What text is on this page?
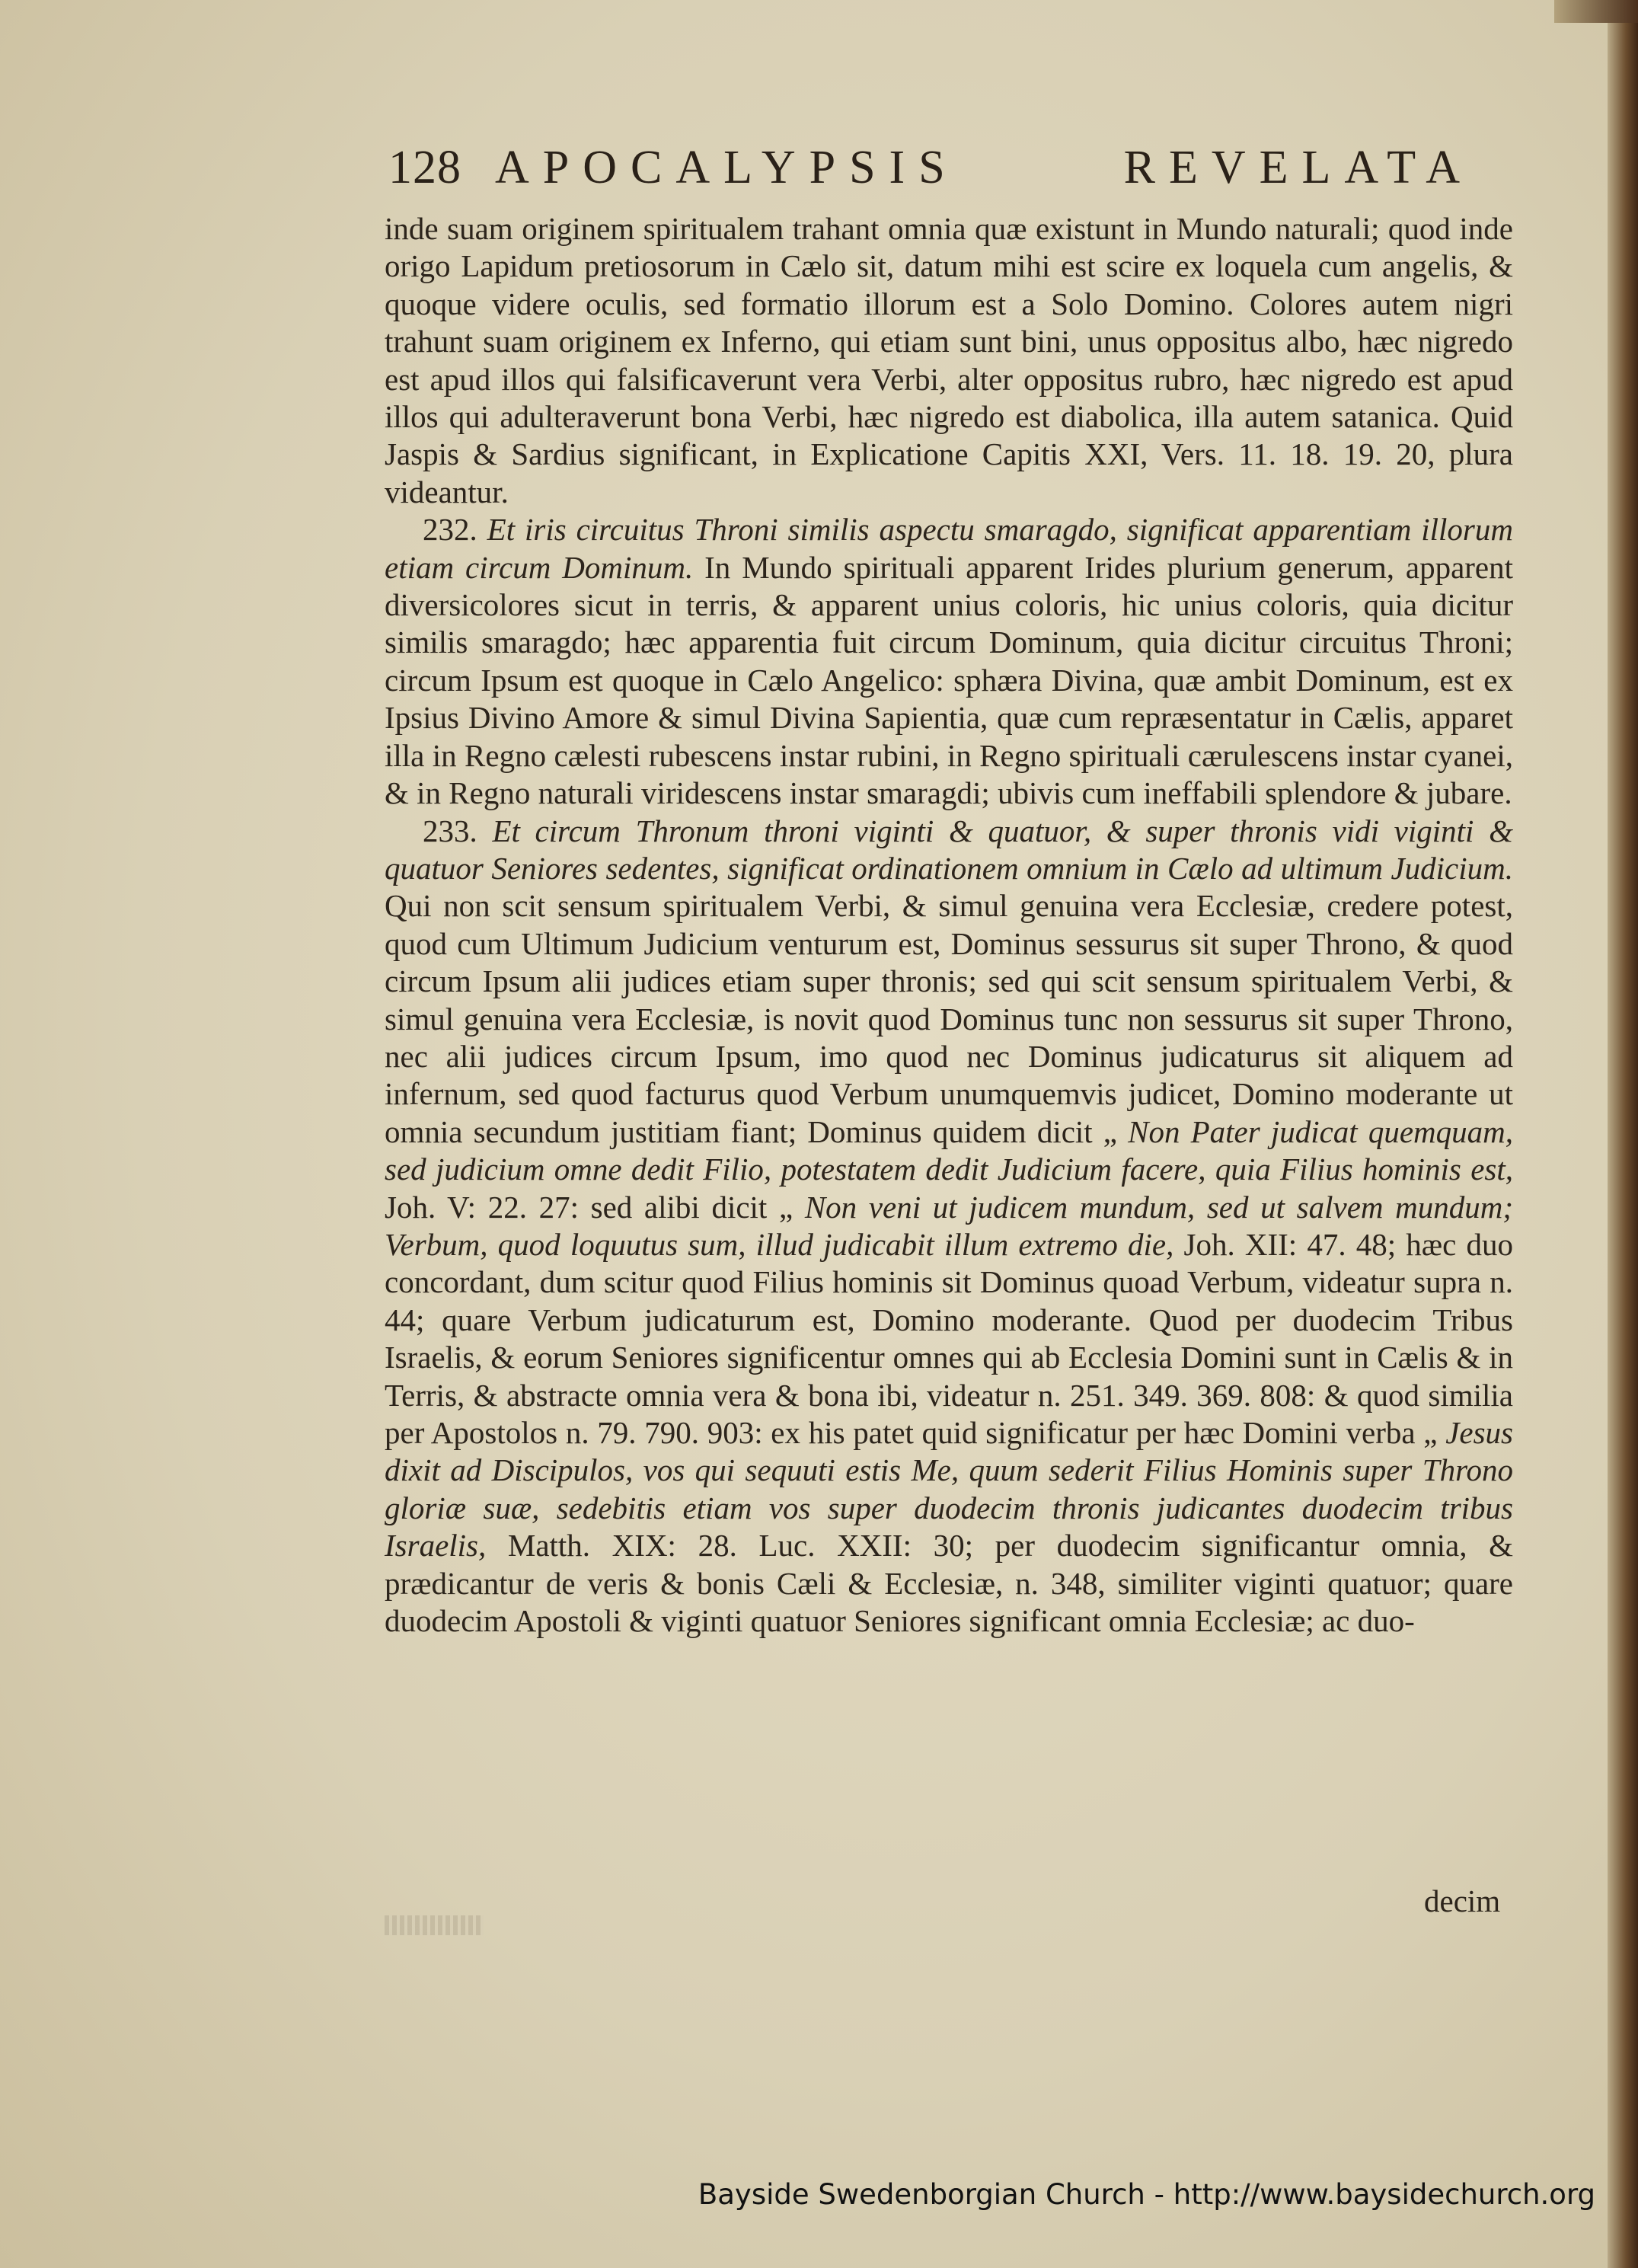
128 APOCALYPSIS REVELATA

inde suam originem spiritualem trahant omnia quæ existunt in Mundo naturali; quod inde origo Lapidum pretiosorum in Cælo sit, datum mihi est scire ex loquela cum angelis, & quoque videre oculis, sed formatio illorum est a Solo Domino. Colores autem nigri trahunt suam originem ex Inferno, qui etiam sunt bini, unus oppositus albo, hæc nigredo est apud illos qui falsificaverunt vera Verbi, alter oppositus rubro, hæc nigredo est apud illos qui adulteraverunt bona Verbi, hæc nigredo est diabolica, illa autem satanica. Quid Jaspis & Sardius significant, in Explicatione Capitis XXI, Vers. 11. 18. 19. 20, plura videantur.

232. Et iris circuitus Throni similis aspectu smaragdo, significat apparentiam illorum etiam circum Dominum. In Mundo spirituali apparent Irides plurium generum, apparent diversicolores sicut in terris, & apparent unius coloris, hic unius coloris, quia dicitur similis smaragdo; hæc apparentia fuit circum Dominum, quia dicitur circuitus Throni; circum Ipsum est quoque in Cælo Angelico: sphæra Divina, quæ ambit Dominum, est ex Ipsius Divino Amore & simul Divina Sapientia, quæ cum repræsentatur in Cælis, apparet illa in Regno cælesti rubescens instar rubini, in Regno spirituali cærulescens instar cyanei, & in Regno naturali viridescens instar smaragdi; ubivis cum ineffabili splendore & jubare.

233. Et circum Thronum throni viginti & quatuor, & super thronis vidi viginti & quatuor Seniores sedentes, significat ordinationem omnium in Cælo ad ultimum Judicium. Qui non scit sensum spiritualem Verbi, & simul genuina vera Ecclesiæ, credere potest, quod cum Ultimum Judicium venturum est, Dominus sessurus sit super Throno, & quod circum Ipsum alii judices etiam super thronis; sed qui scit sensum spiritualem Verbi, & simul genuina vera Ecclesiæ, is novit quod Dominus tunc non sessurus sit super Throno, nec alii judices circum Ipsum, imo quod nec Dominus judicaturus sit aliquem ad infernum, sed quod facturus quod Verbum unumquemvis judicet, Domino moderante ut omnia secundum justitiam fiant; Dominus quidem dicit „ Non Pater judicat quemquam, sed judicium omne dedit Filio, potestatem dedit Judicium facere, quia Filius hominis est, Joh. V: 22. 27: sed alibi dicit „ Non veni ut judicem mundum, sed ut salvem mundum; Verbum, quod loquutus sum, illud judicabit illum extremo die, Joh. XII: 47. 48; hæc duo concordant, dum scitur quod Filius hominis sit Dominus quoad Verbum, videatur supra n. 44; quare Verbum judicaturum est, Domino moderante. Quod per duodecim Tribus Israelis, & eorum Seniores significentur omnes qui ab Ecclesia Domini sunt in Cælis & in Terris, & abstracte omnia vera & bona ibi, videatur n. 251. 349. 369. 808: & quod similia per Apostolos n. 79. 790. 903: ex his patet quid significatur per hæc Domini verba „ Jesus dixit ad Discipulos, vos qui sequuti estis Me, quum sederit Filius Hominis super Throno gloriæ suæ, sedebitis etiam vos super duodecim thronis judicantes duodecim tribus Israelis, Matth. XIX: 28. Luc. XXII: 30; per duodecim significantur omnia, & prædicantur de veris & bonis Cæli & Ecclesiæ, n. 348, similiter viginti quatuor; quare duodecim Apostoli & viginti quatuor Seniores significant omnia Ecclesiæ; ac duo-

decim
Bayside Swedenborgian Church - http://www.baysidechurch.org
